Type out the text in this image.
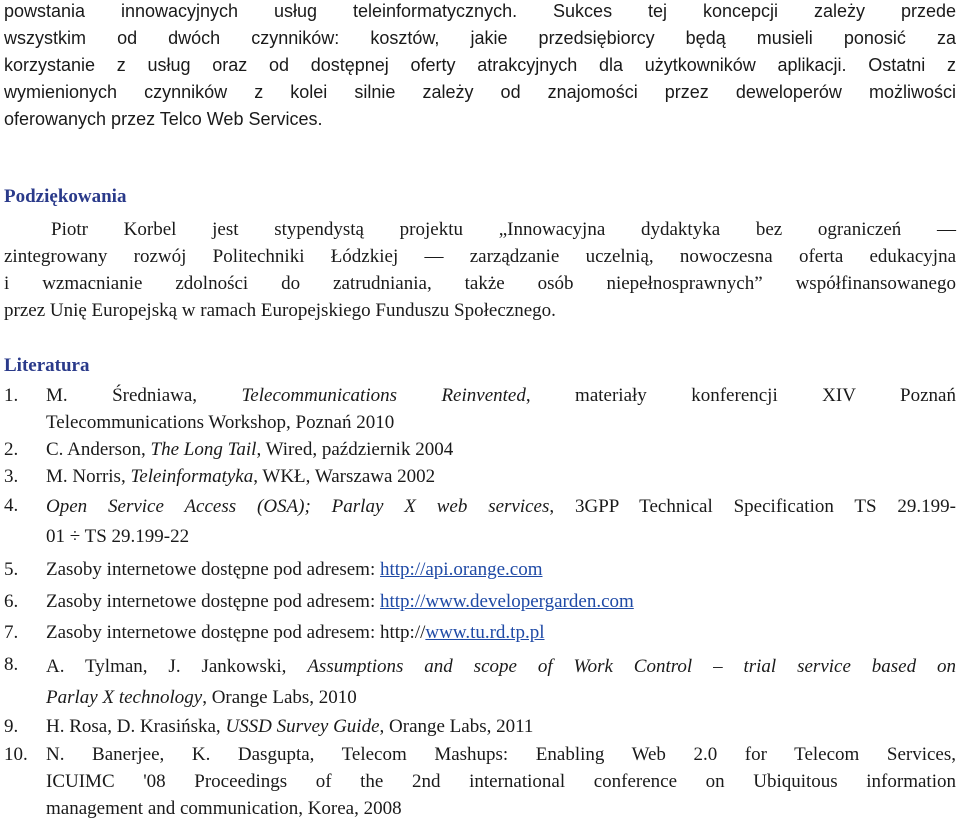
powstania innowacyjnych usług teleinformatycznych. Sukces tej koncepcji zależy przede
wszystkim od dwóch czynników: kosztów, jakie przedsiębiorcy będą musieli ponosić za
korzystanie z usług oraz od dostępnej oferty atrakcyjnych dla użytkowników aplikacji. Ostatni z
wymienionych czynników z kolei silnie zależy od znajomości przez deweloperów możliwości
oferowanych przez Telco Web Services.

Podziękowania

Piotr Korbel jest stypendystą projektu „Innowacyjna dydaktyka bez ograniczeń —
zintegrowany rozwój Politechniki Łódzkiej — zarządzanie uczelnią, nowoczesna oferta edukacyjna
i wzmacnianie zdolności do zatrudniania, także osób niepełnosprawnych” współfinansowanego
przez Unię Europejską w ramach Europejskiego Funduszu Społecznego.

Literatura
1. M. Średniawa, Telecommunications Reinvented, materiały konferencji XIV Poznań
Telecommunications Workshop, Poznań 2010
2. C. Anderson, The Long Tail, Wired, październik 2004
3. M. Norris, Teleinformatyka, WKŁ, Warszawa 2002
4. Open Service Access (OSA); Parlay X web services, 3GPP Technical Specification TS 29.199-
01 ÷ TS 29.199-22
5. Zasoby internetowe dostępne pod adresem: http://api.orange.com
6. Zasoby internetowe dostępne pod adresem: http://www.developergarden.com
7. Zasoby internetowe dostępne pod adresem: http://www.tu.rd.tp.pl
8. A. Tylman, J. Jankowski, Assumptions and scope of Work Control – trial service based on
Parlay X technology, Orange Labs, 2010
9. H. Rosa, D. Krasińska, USSD Survey Guide, Orange Labs, 2011
10. N. Banerjee, K. Dasgupta, Telecom Mashups: Enabling Web 2.0 for Telecom Services,
ICUIMC '08 Proceedings of the 2nd international conference on Ubiquitous information
management and communication, Korea, 2008
